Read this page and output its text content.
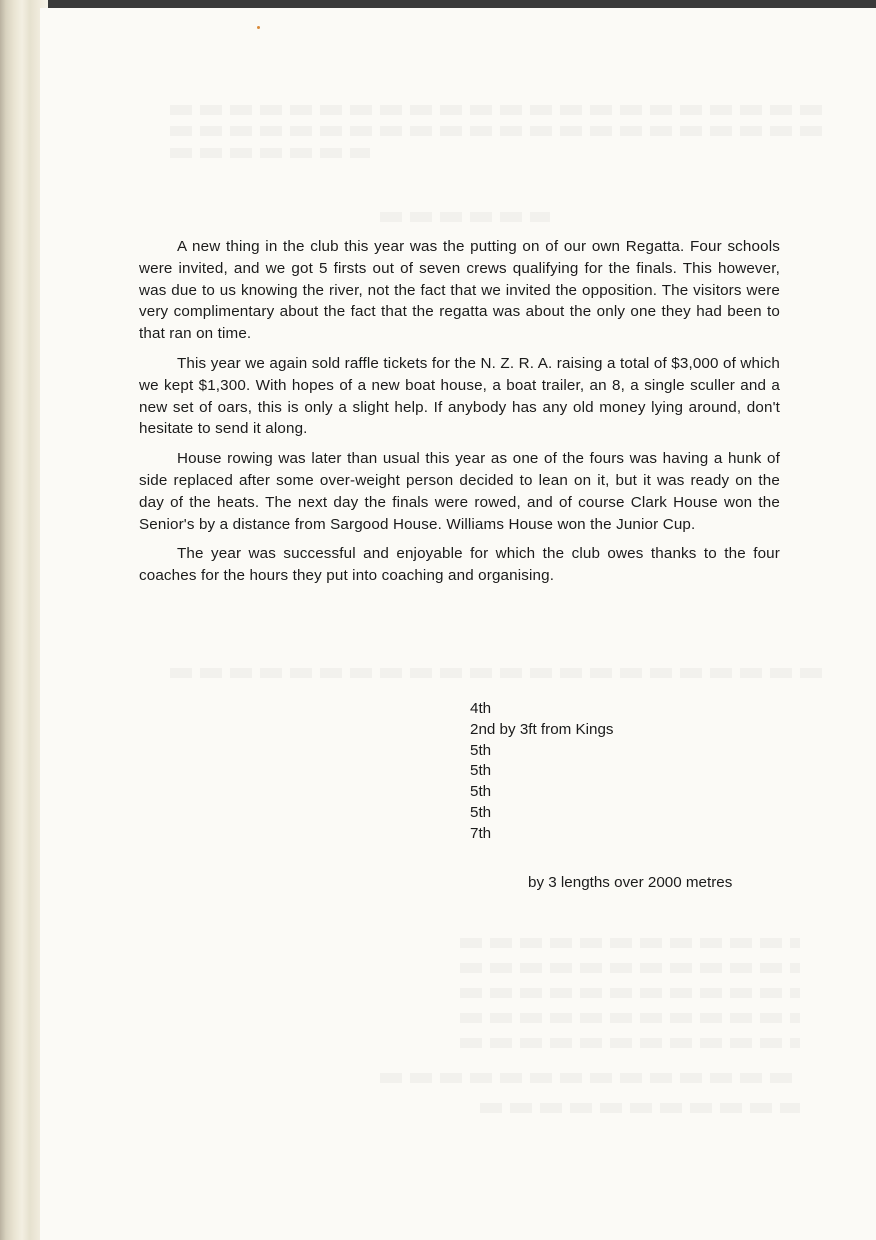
A new thing in the club this year was the putting on of our own Regatta. Four schools were invited, and we got 5 firsts out of seven crews qualifying for the finals. This however, was due to us knowing the river, not the fact that we invited the opposition. The visitors were very complimentary about the fact that the regatta was about the only one they had been to that ran on time.

This year we again sold raffle tickets for the N. Z. R. A. raising a total of $3,000 of which we kept $1,300. With hopes of a new boat house, a boat trailer, an 8, a single sculler and a new set of oars, this is only a slight help. If anybody has any old money lying around, don't hesitate to send it along.

House rowing was later than usual this year as one of the fours was having a hunk of side replaced after some over-weight person decided to lean on it, but it was ready on the day of the heats. The next day the finals were rowed, and of course Clark House won the Senior's by a distance from Sargood House. Williams House won the Junior Cup.

The year was successful and enjoyable for which the club owes thanks to the four coaches for the hours they put into coaching and organising.

4th
2nd by 3ft from Kings
5th
5th
5th
5th
7th
by 3 lengths over 2000 metres
